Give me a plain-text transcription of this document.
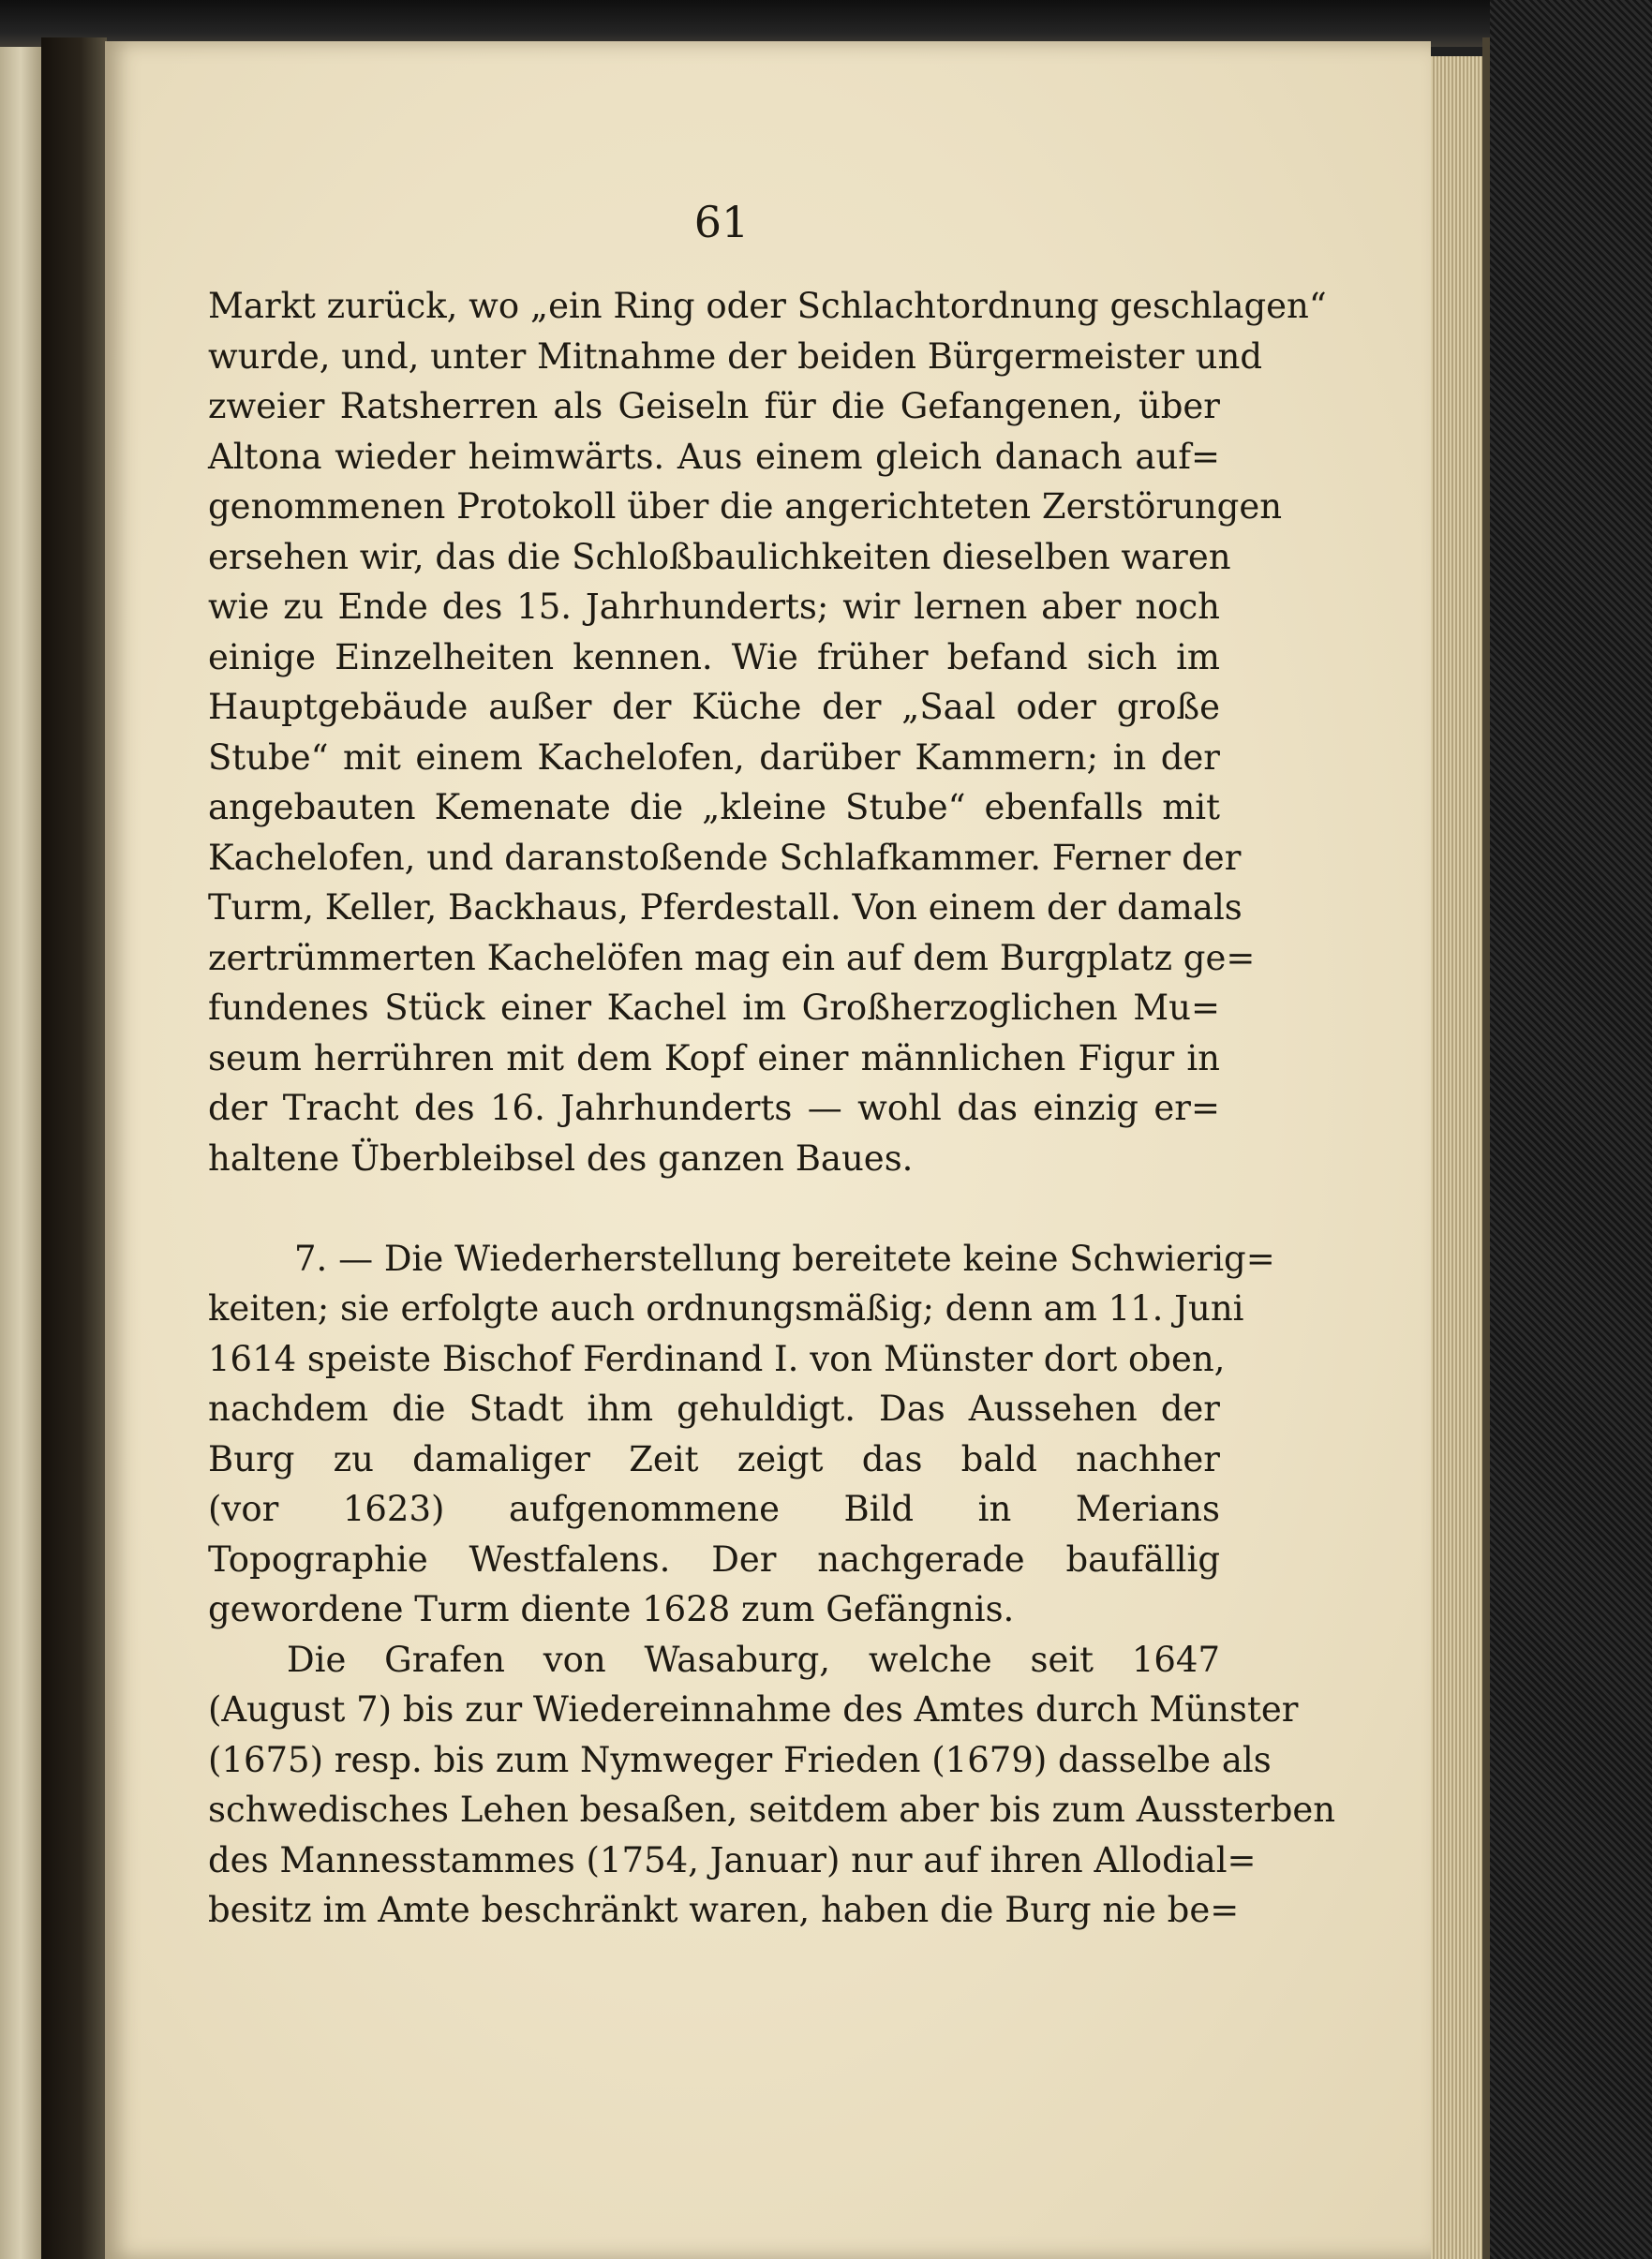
61
Markt zurück, wo „ein Ring oder Schlachtordnung geschlagen“
wurde, und, unter Mitnahme der beiden Bürgermeister und
zweier Ratsherren als Geiseln für die Gefangenen, über
Altona wieder heimwärts. Aus einem gleich danach auf=
genommenen Protokoll über die angerichteten Zerstörungen
ersehen wir, das die Schloßbaulichkeiten dieselben waren
wie zu Ende des 15. Jahrhunderts; wir lernen aber noch
einige Einzelheiten kennen. Wie früher befand sich im
Hauptgebäude außer der Küche der „Saal oder große
Stube“ mit einem Kachelofen, darüber Kammern; in der
angebauten Kemenate die „kleine Stube“ ebenfalls mit
Kachelofen, und daranstoßende Schlafkammer. Ferner der
Turm, Keller, Backhaus, Pferdestall. Von einem der damals
zertrümmerten Kachelöfen mag ein auf dem Burgplatz ge=
fundenes Stück einer Kachel im Großherzoglichen Mu=
seum herrühren mit dem Kopf einer männlichen Figur in
der Tracht des 16. Jahrhunderts — wohl das einzig er=
haltene Überbleibsel des ganzen Baues.
7. — Die Wiederherstellung bereitete keine Schwierig=
keiten; sie erfolgte auch ordnungsmäßig; denn am 11. Juni
1614 speiste Bischof Ferdinand I. von Münster dort oben,
nachdem die Stadt ihm gehuldigt. Das Aussehen der
Burg zu damaliger Zeit zeigt das bald nachher
(vor 1623) aufgenommene Bild in Merians
Topographie Westfalens. Der nachgerade baufällig
gewordene Turm diente 1628 zum Gefängnis.
Die Grafen von Wasaburg, welche seit 1647
(August 7) bis zur Wiedereinnahme des Amtes durch Münster
(1675) resp. bis zum Nymweger Frieden (1679) dasselbe als
schwedisches Lehen besaßen, seitdem aber bis zum Aussterben
des Mannesstammes (1754, Januar) nur auf ihren Allodial=
besitz im Amte beschränkt waren, haben die Burg nie be=
